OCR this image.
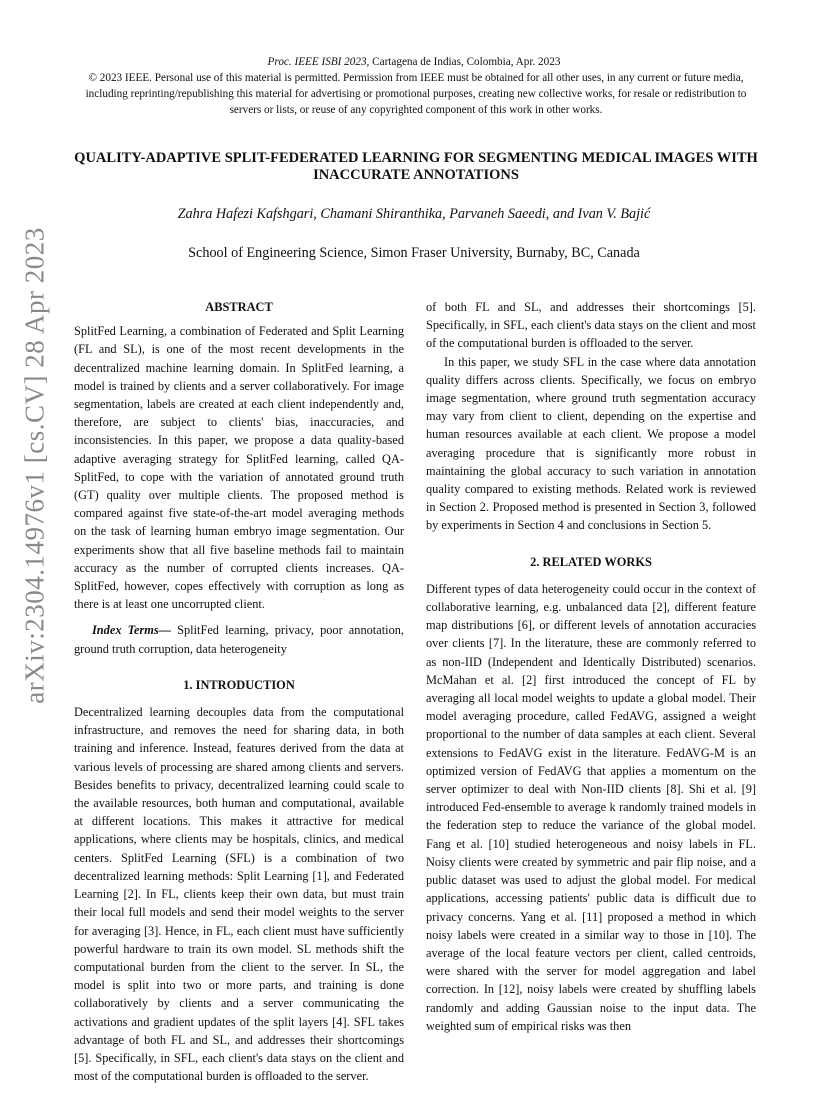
arXiv:2304.14976v1 [cs.CV] 28 Apr 2023
Proc. IEEE ISBI 2023, Cartagena de Indias, Colombia, Apr. 2023
© 2023 IEEE. Personal use of this material is permitted. Permission from IEEE must be obtained for all other uses, in any current or future media, including reprinting/republishing this material for advertising or promotional purposes, creating new collective works, for resale or redistribution to servers or lists, or reuse of any copyrighted component of this work in other works.
QUALITY-ADAPTIVE SPLIT-FEDERATED LEARNING FOR SEGMENTING MEDICAL IMAGES WITH INACCURATE ANNOTATIONS
Zahra Hafezi Kafshgari, Chamani Shiranthika, Parvaneh Saeedi, and Ivan V. Bajić
School of Engineering Science, Simon Fraser University, Burnaby, BC, Canada
ABSTRACT
SplitFed Learning, a combination of Federated and Split Learning (FL and SL), is one of the most recent developments in the decentralized machine learning domain. In SplitFed learning, a model is trained by clients and a server collaboratively. For image segmentation, labels are created at each client independently and, therefore, are subject to clients' bias, inaccuracies, and inconsistencies. In this paper, we propose a data quality-based adaptive averaging strategy for SplitFed learning, called QA-SplitFed, to cope with the variation of annotated ground truth (GT) quality over multiple clients. The proposed method is compared against five state-of-the-art model averaging methods on the task of learning human embryo image segmentation. Our experiments show that all five baseline methods fail to maintain accuracy as the number of corrupted clients increases. QA-SplitFed, however, copes effectively with corruption as long as there is at least one uncorrupted client.
Index Terms— SplitFed learning, privacy, poor annotation, ground truth corruption, data heterogeneity
1. INTRODUCTION
Decentralized learning decouples data from the computational infrastructure, and removes the need for sharing data, in both training and inference. Instead, features derived from the data at various levels of processing are shared among clients and servers. Besides benefits to privacy, decentralized learning could scale to the available resources, both human and computational, available at different locations. This makes it attractive for medical applications, where clients may be hospitals, clinics, and medical centers. SplitFed Learning (SFL) is a combination of two decentralized learning methods: Split Learning [1], and Federated Learning [2]. In FL, clients keep their own data, but must train their local full models and send their model weights to the server for averaging [3]. Hence, in FL, each client must have sufficiently powerful hardware to train its own model. SL methods shift the computational burden from the client to the server. In SL, the model is split into two or more parts, and training is done collaboratively by clients and a server communicating the activations and gradient updates of the split layers [4]. SFL takes advantage of both FL and SL, and addresses their shortcomings [5]. Specifically, in SFL, each client's data stays on the client and most of the computational burden is offloaded to the server.
of both FL and SL, and addresses their shortcomings [5]. Specifically, in SFL, each client's data stays on the client and most of the computational burden is offloaded to the server.
In this paper, we study SFL in the case where data annotation quality differs across clients. Specifically, we focus on embryo image segmentation, where ground truth segmentation accuracy may vary from client to client, depending on the expertise and human resources available at each client. We propose a model averaging procedure that is significantly more robust in maintaining the global accuracy to such variation in annotation quality compared to existing methods. Related work is reviewed in Section 2. Proposed method is presented in Section 3, followed by experiments in Section 4 and conclusions in Section 5.
2. RELATED WORKS
Different types of data heterogeneity could occur in the context of collaborative learning, e.g. unbalanced data [2], different feature map distributions [6], or different levels of annotation accuracies over clients [7]. In the literature, these are commonly referred to as non-IID (Independent and Identically Distributed) scenarios. McMahan et al. [2] first introduced the concept of FL by averaging all local model weights to update a global model. Their model averaging procedure, called FedAVG, assigned a weight proportional to the number of data samples at each client. Several extensions to FedAVG exist in the literature. FedAVG-M is an optimized version of FedAVG that applies a momentum on the server optimizer to deal with Non-IID clients [8]. Shi et al. [9] introduced Fed-ensemble to average k randomly trained models in the federation step to reduce the variance of the global model. Fang et al. [10] studied heterogeneous and noisy labels in FL. Noisy clients were created by symmetric and pair flip noise, and a public dataset was used to adjust the global model. For medical applications, accessing patients' public data is difficult due to privacy concerns. Yang et al. [11] proposed a method in which noisy labels were created in a similar way to those in [10]. The average of the local feature vectors per client, called centroids, were shared with the server for model aggregation and label correction. In [12], noisy labels were created by shuffling labels randomly and adding Gaussian noise to the input data. The weighted sum of empirical risks was then
